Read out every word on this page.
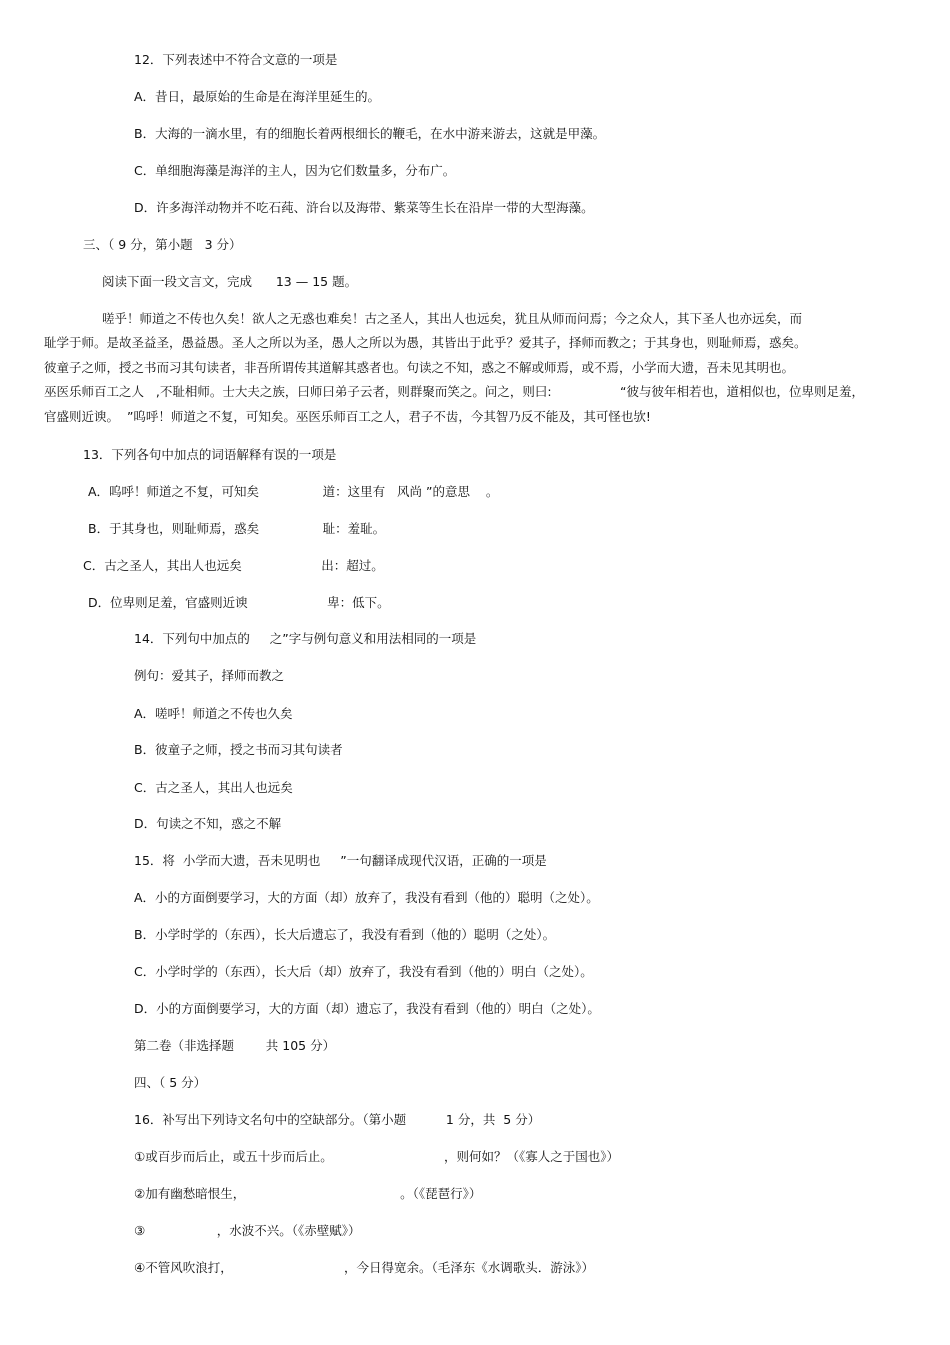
12．下列表述中不符合文意的一项是
A．昔日，最原始的生命是在海洋里延生的。
B．大海的一滴水里，有的细胞长着两根细长的鞭毛，在水中游来游去，这就是甲藻。
C．单细胞海藻是海洋的主人，因为它们数量多，分布广。
D．许多海洋动物并不吃石莼、浒台以及海带、紫菜等生长在沿岸一带的大型海藻。
三、（ 9 分，第小题   3 分）
阅读下面一段文言文，完成      13 — 15 题。
嗟乎！师道之不传也久矣！欲人之无惑也难矣！古之圣人，其出人也远矣，犹且从师而问焉；今之众人，其下圣人也亦远矣，而
耻学于师。是故圣益圣，愚益愚。圣人之所以为圣，愚人之所以为愚，其皆出于此乎？爱其子，择师而教之；于其身也，则耻师焉，惑矣。
彼童子之师，授之书而习其句读者，非吾所谓传其道解其惑者也。句读之不知，惑之不解或师焉，或不焉，小学而大遗，吾未见其明也。
巫医乐师百工之人   ,不耻相师。士大夫之族，曰师曰弟子云者，则群聚而笑之。问之，则曰:	“彼与彼年相若也，道相似也，位卑则足羞，
官盛则近谀。  ”呜呼！师道之不复，可知矣。巫医乐师百工之人，君子不齿，今其智乃反不能及，其可怪也欤!
13．下列各句中加点的词语解释有误的一项是
A．呜呼！师道之不复，可知矣                道：这里有   风尚 ”的意思    。
B．于其身也，则耻师焉，惑矣                耻：羞耻。
C．古之圣人，其出人也远矣                    出：超过。
D．位卑则足羞，官盛则近谀                    卑：低下。
14．下列句中加点的     之”字与例句意义和用法相同的一项是
例句：爱其子，择师而教之
A．嗟呼！师道之不传也久矣
B．彼童子之师，授之书而习其句读者
C．古之圣人，其出人也远矣
D．句读之不知，惑之不解
15．将  小学而大遗，吾未见明也     ”一句翻译成现代汉语，正确的一项是
A．小的方面倒要学习，大的方面（却）放弃了，我没有看到（他的）聪明（之处）。
B．小学时学的（东西），长大后遗忘了，我没有看到（他的）聪明（之处）。
C．小学时学的（东西），长大后（却）放弃了，我没有看到（他的）明白（之处）。
D．小的方面倒要学习，大的方面（却）遗忘了，我没有看到（他的）明白（之处）。
第二卷（非选择题        共 105 分）
四、（ 5 分）
16．补写出下列诗文名句中的空缺部分。（第小题          1 分，共  5 分）
①或百步而后止，或五十步而后止。                            ，则何如？（《寡人之于国也》）
②加有幽愁暗恨生，                                       。（《琵琶行》）
③                  ，水波不兴。（《赤壁赋》）
④不管风吹浪打，                            ，今日得宽余。（毛泽东《水调歌头．游泳》）
